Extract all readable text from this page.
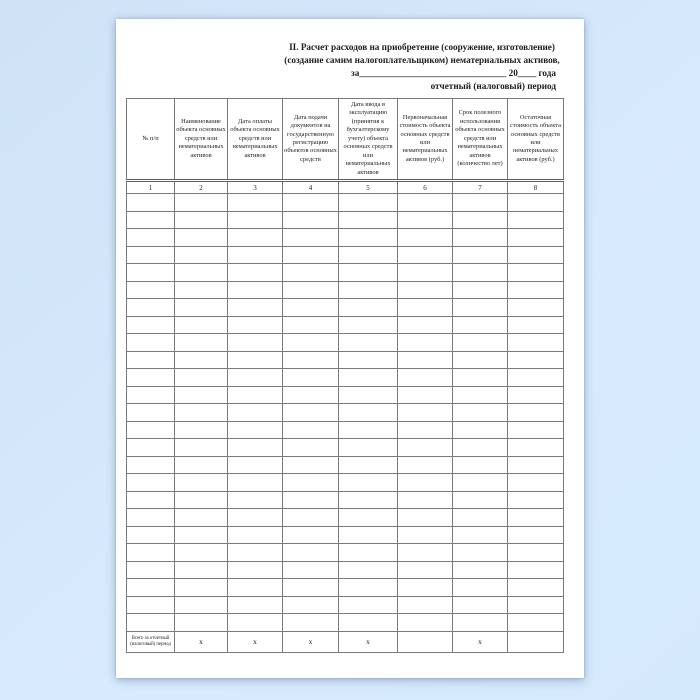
II. Расчет расходов на приобретение (сооружение, изготовление)
(создание самим налогоплательщиком) нематериальных активов,
за________________________________ 20____ года
отчетный (налоговый) период
№ п/п	Наименование объекта основных средств или нематериальных активов	Дата оплаты объекта основных средств или нематериальных активов	Дата подачи документов на государственную регистрацию объектов основных средств	Дата ввода в эксплуатацию (принятия к бухгалтерскому учету) объекта основных средств или нематериальных активов	Первоначальная стоимость объекта основных средств или нематериальных активов (руб.)	Срок полезного использования объекта основных средств или нематериальных активов (количество лет)	Остаточная стоимость объекта основных средств или нематериальных активов (руб.)
1	2	3	4	5	6	7	8

Всего за отчетный (налоговый) период	х	х	х	х		х	
